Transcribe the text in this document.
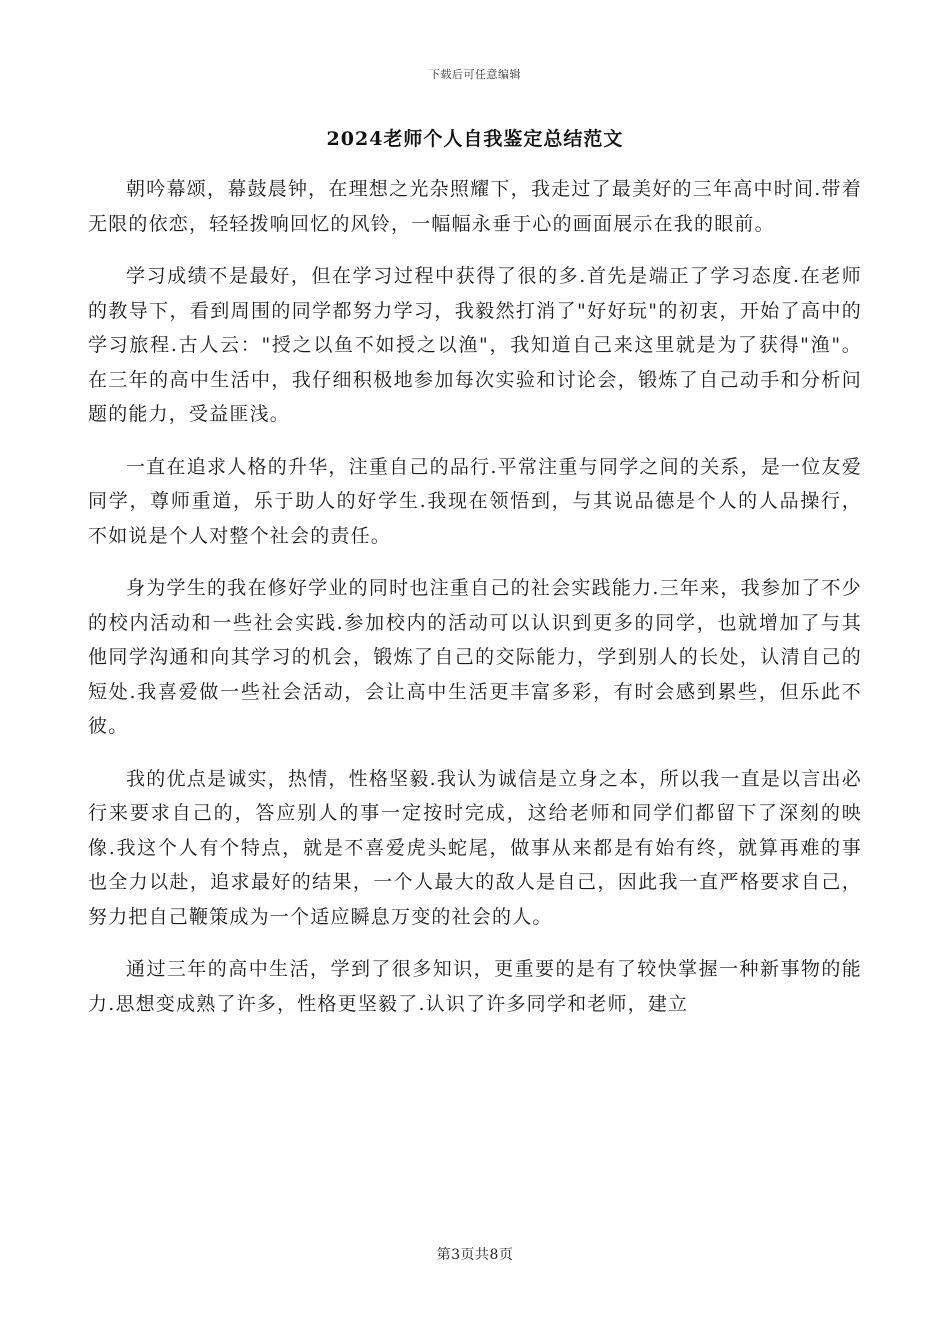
下载后可任意编辑
2024老师个人自我鉴定总结范文

朝吟幕颂，幕鼓晨钟，在理想之光杂照耀下，我走过了最美好的三年高中时间.带着无限的依恋，轻轻拨响回忆的风铃，一幅幅永垂于心的画面展示在我的眼前。

学习成绩不是最好，但在学习过程中获得了很的多.首先是端正了学习态度.在老师的教导下，看到周围的同学都努力学习，我毅然打消了"好好玩"的初衷，开始了高中的学习旅程.古人云："授之以鱼不如授之以渔"，我知道自己来这里就是为了获得"渔"。在三年的高中生活中，我仔细积极地参加每次实验和讨论会，锻炼了自己动手和分析问题的能力，受益匪浅。

一直在追求人格的升华，注重自己的品行.平常注重与同学之间的关系，是一位友爱同学，尊师重道，乐于助人的好学生.我现在领悟到，与其说品德是个人的人品操行，不如说是个人对整个社会的责任。

身为学生的我在修好学业的同时也注重自己的社会实践能力.三年来，我参加了不少的校内活动和一些社会实践.参加校内的活动可以认识到更多的同学，也就增加了与其他同学沟通和向其学习的机会，锻炼了自己的交际能力，学到别人的长处，认清自己的短处.我喜爱做一些社会活动，会让高中生活更丰富多彩，有时会感到累些，但乐此不彼。

我的优点是诚实，热情，性格坚毅.我认为诚信是立身之本，所以我一直是以言出必行来要求自己的，答应别人的事一定按时完成，这给老师和同学们都留下了深刻的映像.我这个人有个特点，就是不喜爱虎头蛇尾，做事从来都是有始有终，就算再难的事也全力以赴，追求最好的结果，一个人最大的敌人是自己，因此我一直严格要求自己，努力把自己鞭策成为一个适应瞬息万变的社会的人。

通过三年的高中生活，学到了很多知识，更重要的是有了较快掌握一种新事物的能力.思想变成熟了许多，性格更坚毅了.认识了许多同学和老师，建立

第3页共8页
